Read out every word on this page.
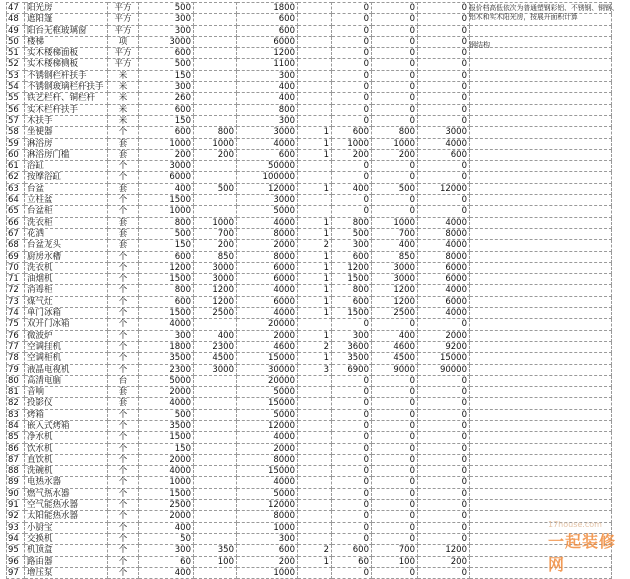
47	阳光房	平方	500		1800		0	0	0	
48	遮阳篷	平方	300		600		0	0	0	
49	阳台无框玻璃窗	平方	300		600		0	0	0	
50	楼梯	项	3000		6000		0	0	0	
51	实木楼梯面板	平方	600		1200		0	0	0	
52	实木楼梯侧板	平方	500		1100		0	0	0	
53	不锈钢栏杆扶手	米	150		300		0	0	0	
54	不锈钢玻璃栏杆扶手	米	300		400		0	0	0	
55	铁艺栏杆、铜栏杆	米	260		400		0	0	0	
56	实木栏杆扶手	米	600		800		0	0	0	
57	木扶手	米	150		300		0	0	0	
58	坐便器	个	600	800	3000	1	600	800	3000	
59	淋浴房	套	1000	1000	4000	1	1000	1000	4000	
60	淋浴房门槛	套	200	200	600	1	200	200	600	
61	浴缸	个	3000		50000		0	0	0	
62	按摩浴缸	个	6000		100000		0	0	0	
63	台盆	套	400	500	12000	1	400	500	12000	
64	立柱盆	个	1500		3000		0	0	0	
65	台盆柜	个	1000		5000		0	0	0	
66	洗衣柜	套	800	1000	4000	1	800	1000	4000	
67	花洒	套	500	700	8000	1	500	700	8000	
68	台盆龙头	套	150	200	2000	2	300	400	4000	
69	厨房水槽	个	600	850	8000	1	600	850	8000	
70	洗衣机	个	1200	3000	6000	1	1200	3000	6000	
71	油烟机	个	1500	3000	6000	1	1500	3000	6000	
72	消毒柜	个	800	1200	4000	1	800	1200	4000	
73	煤气灶	个	600	1200	6000	1	600	1200	6000	
74	单门冰箱	个	1500	2500	4000	1	1500	2500	4000	
75	双开门冰箱	个	4000		20000		0	0	0	
76	微波炉	个	300	400	2000	1	300	400	2000	
77	空调挂机	个	1800	2300	4600	2	3600	4600	9200	
78	空调柜机	个	3500	4500	15000	1	3500	4500	15000	
79	液晶电视机	个	2300	3000	30000	3	6900	9000	90000	
80	高清电脑	台	5000		20000		0	0	0	
81	音响	套	2000		5000		0	0	0	
82	投影仪	套	4000		15000		0	0	0	
83	烤箱	个	500		5000		0	0	0	
84	嵌入式烤箱	个	3500		12000		0	0	0	
85	净水机	个	1500		4000		0	0	0	
86	饮水机	个	150		2000		0	0	0	
87	直饮机	个	2000		8000		0	0	0	
88	洗碗机	个	4000		15000		0	0	0	
89	电热水器	个	1000		4000		0	0	0	
90	燃气热水器	个	1500		5000		0	0	0	
91	空气能热水器	个	2500		12000		0	0	0	
92	太阳能热水器	个	2000		8000		0	0	0	
93	小厨宝	个	400		1000		0	0	0	
94	交换机	个	50		300		0	0	0	
95	机顶盒	个	300	350	600	2	600	700	1200	
96	路由器	个	60	100	200	1	60	100	200	
97	增压泵	个	400		1000		0	0	0	
报价档高低依次为普通塑钢彩铝、不锈钢、铜钢、铝木和实木阳光房，按展开面积计算
钢结构
17house.com
一起装修网
